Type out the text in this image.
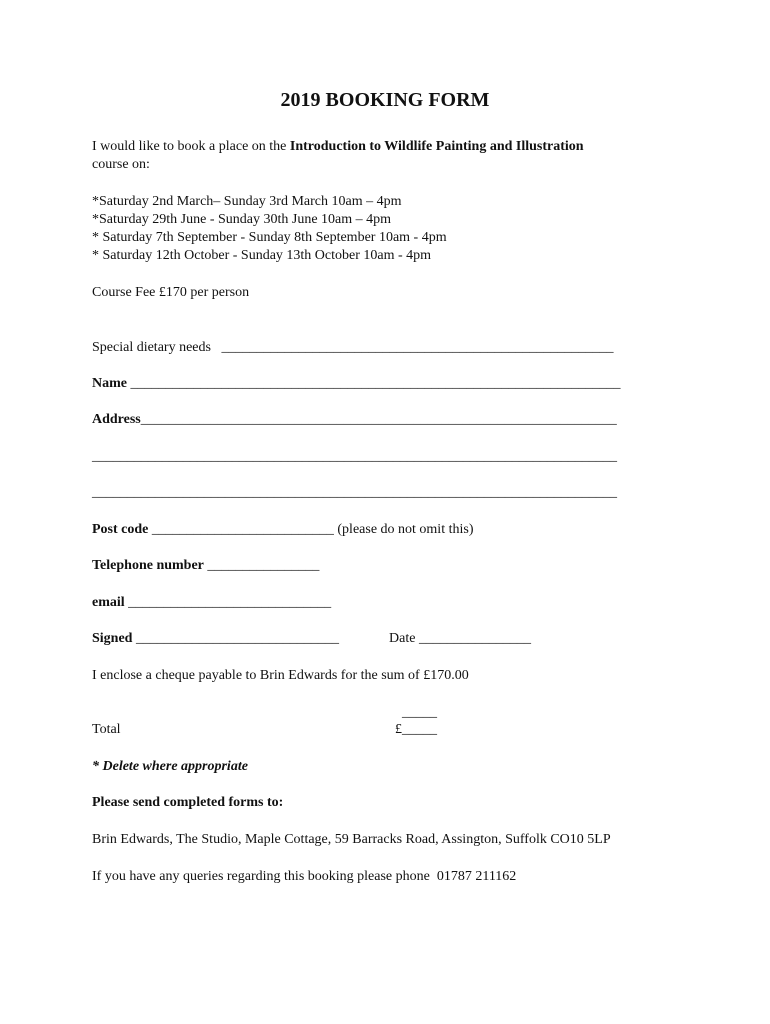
2019 BOOKING FORM
I would like to book a place on the Introduction to Wildlife Painting and Illustration
course on:
*Saturday 2nd March– Sunday 3rd March 10am – 4pm
*Saturday 29th June - Sunday 30th June 10am – 4pm
* Saturday 7th September - Sunday 8th September 10am - 4pm
* Saturday 12th October - Sunday 13th October 10am - 4pm
Course Fee £170 per person
Special dietary needs ________________________________________________________
Name ______________________________________________________________________
Address____________________________________________________________________
___________________________________________________________________________
___________________________________________________________________________
Post code __________________________ (please do not omit this)
Telephone number ________________
email _____________________________
Signed _____________________________	Date ________________
I enclose a cheque payable to Brin Edwards for the sum of £170.00
_____
Total	£_____
* Delete where appropriate
Please send completed forms to:
Brin Edwards, The Studio, Maple Cottage, 59 Barracks Road, Assington, Suffolk CO10 5LP
If you have any queries regarding this booking please phone  01787 211162
